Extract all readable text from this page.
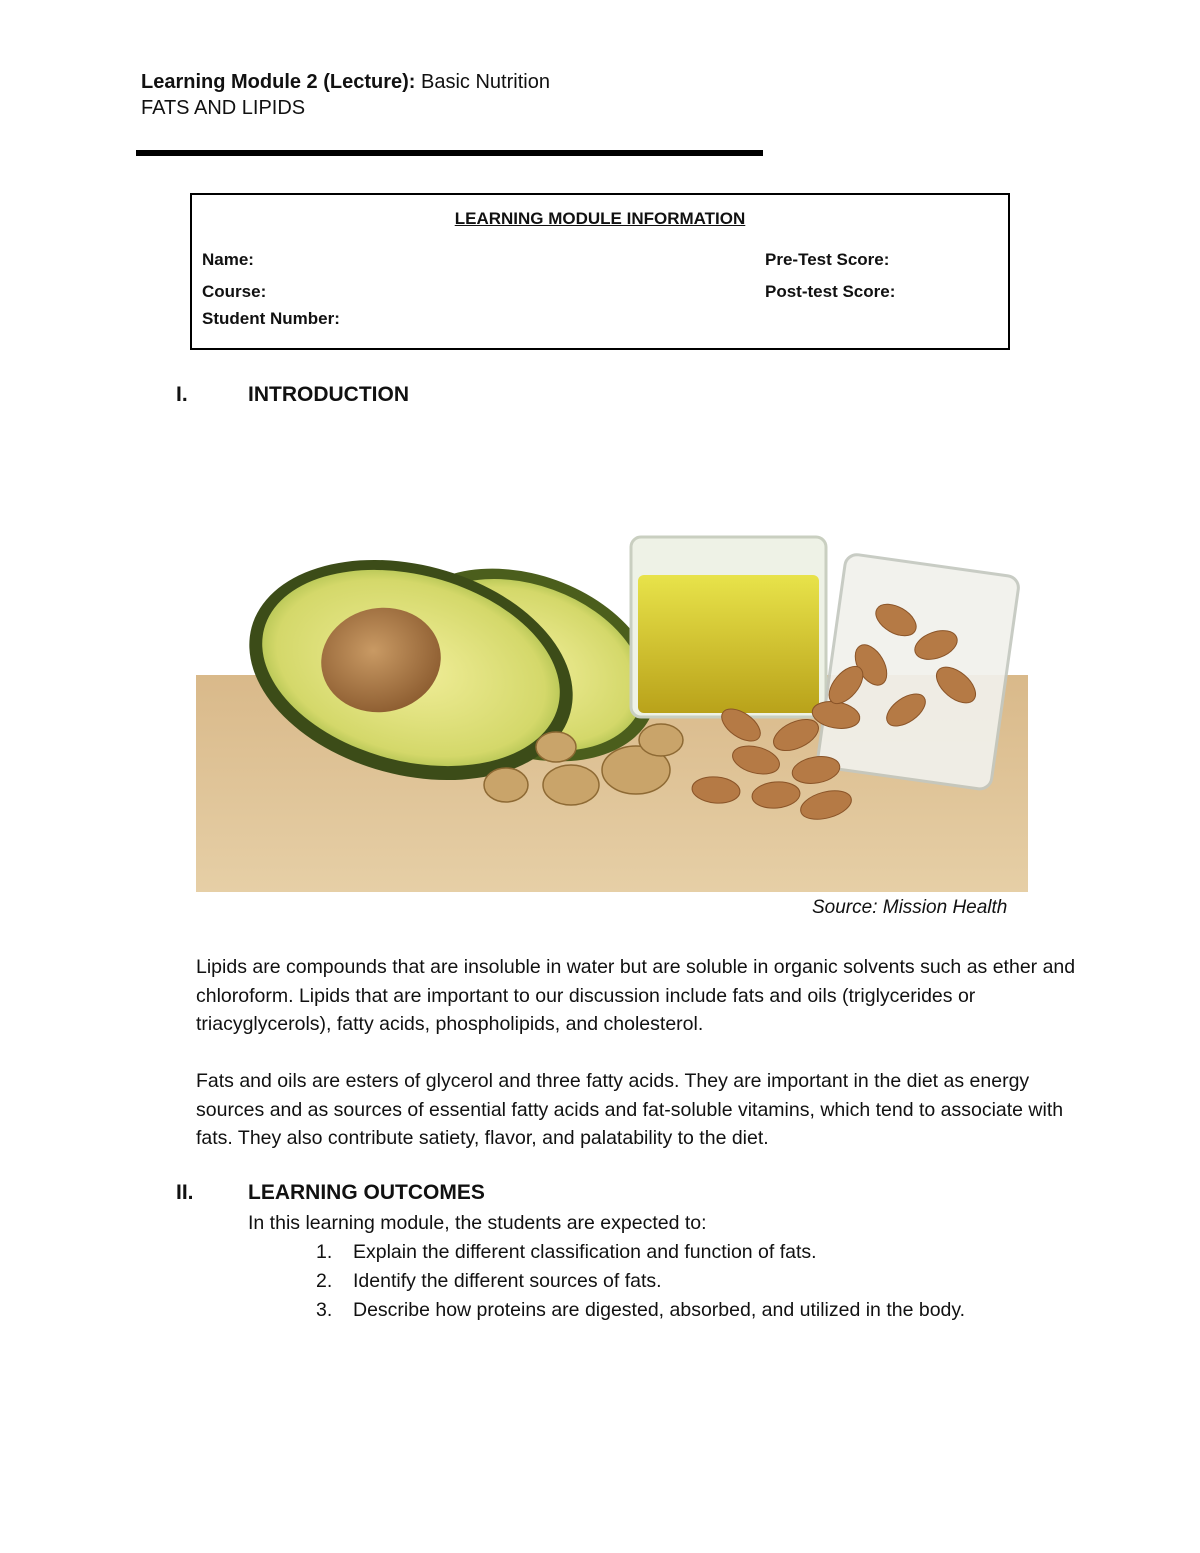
Learning Module 2 (Lecture): Basic Nutrition
FATS AND LIPIDS
LEARNING MODULE INFORMATION
Name:
Course:
Student Number:
Pre-Test Score:
Post-test Score:
I.	INTRODUCTION
Source: Mission Health
Lipids are compounds that are insoluble in water but are soluble in organic solvents such as ether and chloroform. Lipids that are important to our discussion include fats and oils (triglycerides or triacyglycerols), fatty acids, phospholipids, and cholesterol.
Fats and oils are esters of glycerol and three fatty acids. They are important in the diet as energy sources and as sources of essential fatty acids and fat-soluble vitamins, which tend to associate with fats. They also contribute satiety, flavor, and palatability to the diet.
II.	LEARNING OUTCOMES
In this learning module, the students are expected to:
1. Explain the different classification and function of fats.
2. Identify the different sources of fats.
3. Describe how proteins are digested, absorbed, and utilized in the body.
